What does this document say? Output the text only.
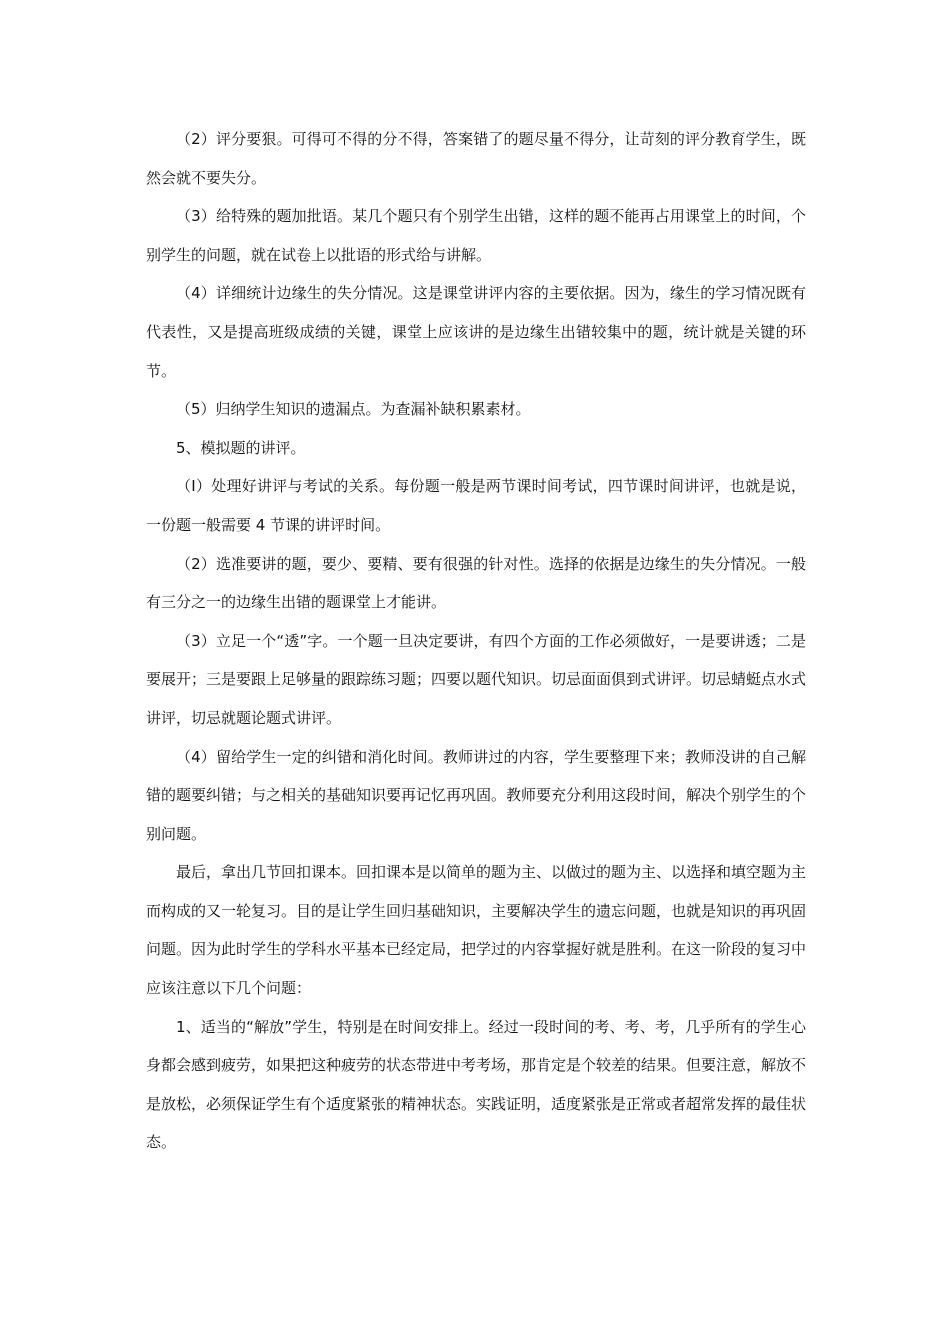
（2）评分要狠。可得可不得的分不得，答案错了的题尽量不得分，让苛刻的评分教育学生，既然会就不要失分。

（3）给特殊的题加批语。某几个题只有个别学生出错，这样的题不能再占用课堂上的时间，个别学生的问题，就在试卷上以批语的形式给与讲解。

（4）详细统计边缘生的失分情况。这是课堂讲评内容的主要依据。因为，缘生的学习情况既有代表性，又是提高班级成绩的关键，课堂上应该讲的是边缘生出错较集中的题，统计就是关键的环节。

（5）归纳学生知识的遗漏点。为查漏补缺积累素材。

5、模拟题的讲评。

（I）处理好讲评与考试的关系。每份题一般是两节课时间考试，四节课时间讲评，也就是说，一份题一般需要 4 节课的讲评时间。

（2）选准要讲的题，要少、要精、要有很强的针对性。选择的依据是边缘生的失分情况。一般有三分之一的边缘生出错的题课堂上才能讲。

（3）立足一个“透”字。一个题一旦决定要讲，有四个方面的工作必须做好，一是要讲透；二是要展开；三是要跟上足够量的跟踪练习题；四要以题代知识。切忌面面俱到式讲评。切忌蜻蜓点水式讲评，切忌就题论题式讲评。

（4）留给学生一定的纠错和消化时间。教师讲过的内容，学生要整理下来；教师没讲的自己解错的题要纠错；与之相关的基础知识要再记忆再巩固。教师要充分利用这段时间，解决个别学生的个别问题。

最后，拿出几节回扣课本。回扣课本是以简单的题为主、以做过的题为主、以选择和填空题为主而构成的又一轮复习。目的是让学生回归基础知识，主要解决学生的遗忘问题，也就是知识的再巩固问题。因为此时学生的学科水平基本已经定局，把学过的内容掌握好就是胜利。在这一阶段的复习中应该注意以下几个问题：

1、适当的“解放”学生，特别是在时间安排上。经过一段时间的考、考、考，几乎所有的学生心身都会感到疲劳，如果把这种疲劳的状态带进中考考场，那肯定是个较差的结果。但要注意，解放不是放松，必须保证学生有个适度紧张的精神状态。实践证明，适度紧张是正常或者超常发挥的最佳状态。
